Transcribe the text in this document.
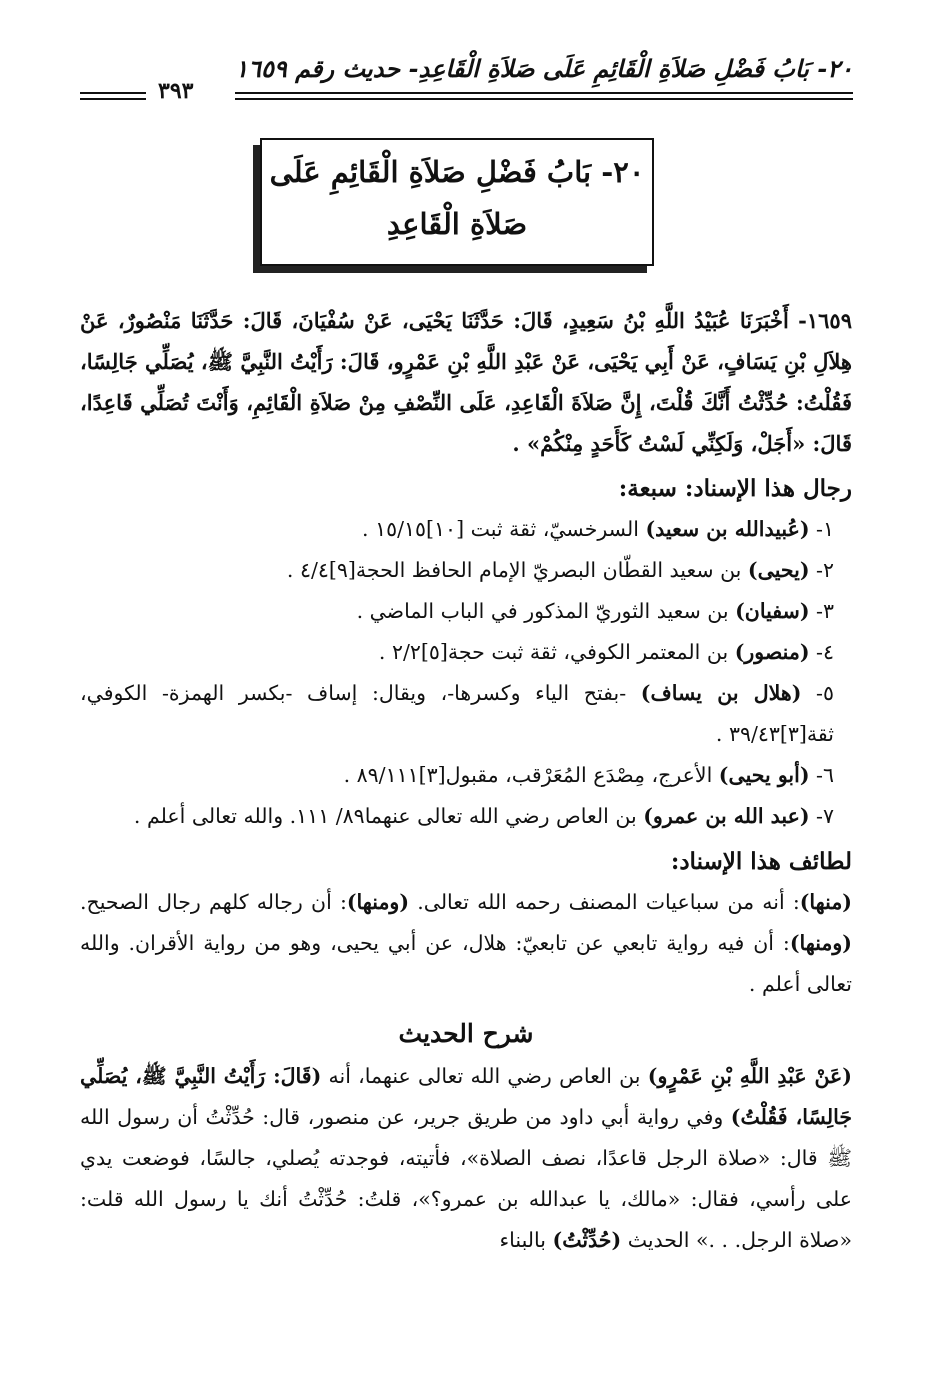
٢٠- بَابُ فَضْلِ صَلاَةِ الْقَائِمِ عَلَى صَلاَةِ الْقَاعِدِ- حديث رقم ١٦٥٩
٣٩٣
٢٠- بَابُ فَضْلِ صَلاَةِ الْقَائِمِ عَلَى
صَلاَةِ الْقَاعِدِ

١٦٥٩- أَخْبَرَنَا عُبَيْدُ اللَّهِ بْنُ سَعِيدٍ، قَالَ: حَدَّثَنَا يَحْيَى، عَنْ سُفْيَانَ، قَالَ: حَدَّثَنَا مَنْصُورٌ، عَنْ هِلاَلِ بْنِ يَسَافٍ، عَنْ أَبِي يَحْيَى، عَنْ عَبْدِ اللَّهِ بْنِ عَمْرٍو، قَالَ: رَأَيْتُ النَّبِيَّ ﷺ، يُصَلِّي جَالِسًا، فَقُلْتُ: حُدِّثْتُ أَنَّكَ قُلْتَ، إِنَّ صَلاَةَ الْقَاعِدِ، عَلَى النِّصْفِ مِنْ صَلاَةِ الْقَائِمِ، وَأَنْتَ تُصَلِّي قَاعِدًا، قَالَ: «أَجَلْ، وَلَكِنِّي لَسْتُ كَأَحَدٍ مِنْكُمْ» .

رجال هذا الإسناد: سبعة:

١- (عُبيدالله بن سعيد) السرخسيّ، ثقة ثبت [١٠]١٥/١٥ .

٢- (يحيى) بن سعيد القطّان البصريّ الإمام الحافظ الحجة[٩]٤/٤ .

٣- (سفيان) بن سعيد الثوريّ المذكور في الباب الماضي .

٤- (منصور) بن المعتمر الكوفي، ثقة ثبت حجة[٥]٢/٢ .

٥- (هلال بن يساف) -بفتح الياء وكسرها-، ويقال: إساف -بكسر الهمزة- الكوفي، ثقة[٣]٣٩/٤٣ .

٦- (أبو يحيى) الأعرج، مِصْدَع المُعَرْقب، مقبول[٣]٨٩/١١١ .

٧- (عبد الله بن عمرو) بن العاص رضي الله تعالى عنهما٨٩/ ١١١. والله تعالى أعلم .

لطائف هذا الإسناد:

(منها): أنه من سباعيات المصنف رحمه الله تعالى. (ومنها): أن رجاله كلهم رجال الصحيح. (ومنها): أن فيه رواية تابعي عن تابعيّ: هلال، عن أبي يحيى، وهو من رواية الأقران. والله تعالى أعلم .

شرح الحديث

(عَنْ عَبْدِ اللَّهِ بْنِ عَمْرٍو) بن العاص رضي الله تعالى عنهما، أنه (قَالَ: رَأَيْتُ النَّبِيَّ ﷺ، يُصَلِّي جَالِسًا، فَقُلْتُ) وفي رواية أبي داود من طريق جرير، عن منصور، قال: حُدِّثْتُ أن رسول الله ﷺ قال: «صلاة الرجل قاعدًا، نصف الصلاة»، فأتيته، فوجدته يُصلي، جالسًا، فوضعت يدي على رأسي، فقال: «مالك، يا عبدالله بن عمرو؟»، قلتُ: حُدِّثْتُ أنك يا رسول الله قلت: «صلاة الرجل. . .» الحديث (حُدِّثْتُ) بالبناء
